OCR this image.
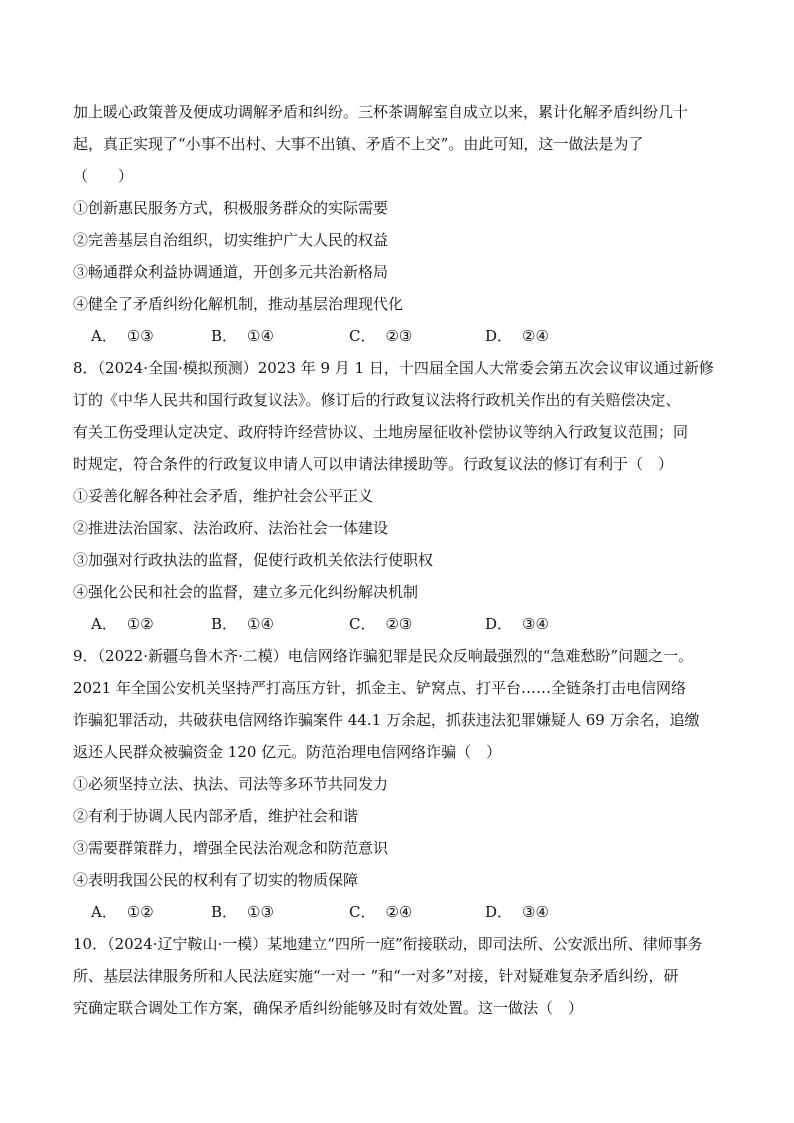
加上暖心政策普及便成功调解矛盾和纠纷。三杯茶调解室自成立以来，累计化解矛盾纠纷几十
起，真正实现了“小事不出村、大事不出镇、矛盾不上交”。由此可知，这一做法是为了
（　　）
①创新惠民服务方式，积极服务群众的实际需要
②完善基层自治组织，切实维护广大人民的权益
③畅通群众利益协调通道，开创多元共治新格局
④健全了矛盾纠纷化解机制，推动基层治理现代化
A． ①③	B． ①④	C． ②③	D． ②④
8．（2024·全国·模拟预测）2023 年 9 月 1 日，十四届全国人大常委会第五次会议审议通过新修
订的《中华人民共和国行政复议法》。修订后的行政复议法将行政机关作出的有关赔偿决定、
有关工伤受理认定决定、政府特许经营协议、土地房屋征收补偿协议等纳入行政复议范围；同
时规定，符合条件的行政复议申请人可以申请法律援助等。行政复议法的修订有利于（　）
①妥善化解各种社会矛盾，维护社会公平正义
②推进法治国家、法治政府、法治社会一体建设
③加强对行政执法的监督，促使行政机关依法行使职权
④强化公民和社会的监督，建立多元化纠纷解决机制
A． ①②	B． ①④	C． ②③	D． ③④
9．（2022·新疆乌鲁木齐·二模）电信网络诈骗犯罪是民众反响最强烈的“急难愁盼”问题之一。
2021 年全国公安机关坚持严打高压方针，抓金主、铲窝点、打平台……全链条打击电信网络
诈骗犯罪活动，共破获电信网络诈骗案件 44.1 万余起，抓获违法犯罪嫌疑人 69 万余名，追缴
返还人民群众被骗资金 120 亿元。防范治理电信网络诈骗（　）
①必须坚持立法、执法、司法等多环节共同发力
②有利于协调人民内部矛盾，维护社会和谐
③需要群策群力，增强全民法治观念和防范意识
④表明我国公民的权利有了切实的物质保障
A． ①②	B． ①③	C． ②④	D． ③④
10．（2024·辽宁鞍山·一模）某地建立“四所一庭”衔接联动，即司法所、公安派出所、律师事务
所、基层法律服务所和人民法庭实施“一对一 ”和“一对多”对接，针对疑难复杂矛盾纠纷，研
究确定联合调处工作方案，确保矛盾纠纷能够及时有效处置。这一做法（　）
